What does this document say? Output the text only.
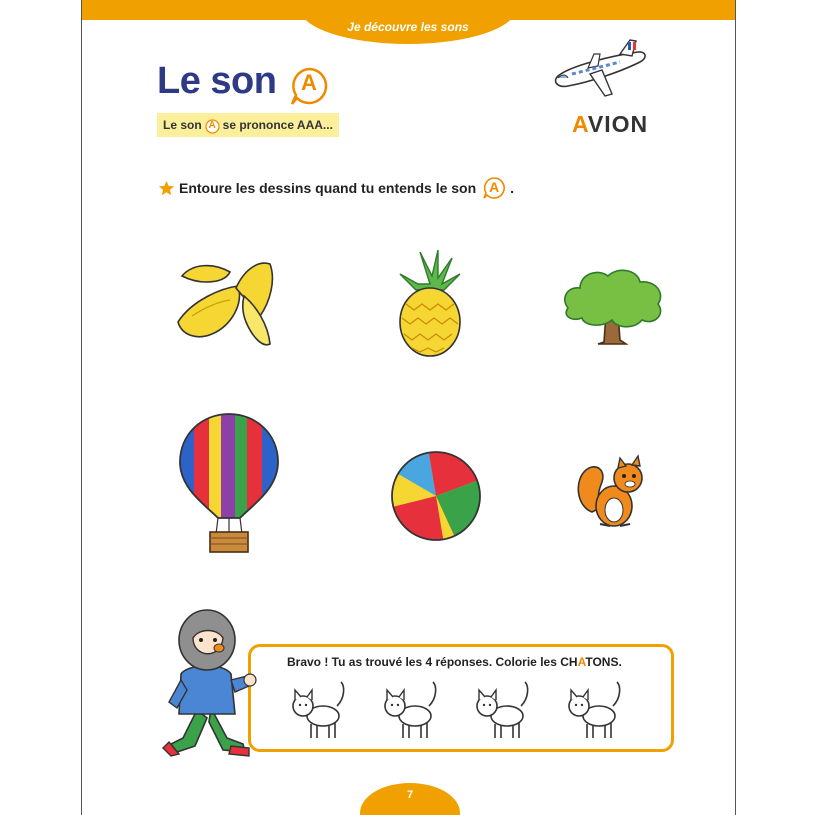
Je découvre les sons
Le son	A
Le son A se prononce AAA...	AVION
Entoure les dessins quand tu entends le son A .
Bravo ! Tu as trouvé les 4 réponses. Colorie les CHATONS.
7
